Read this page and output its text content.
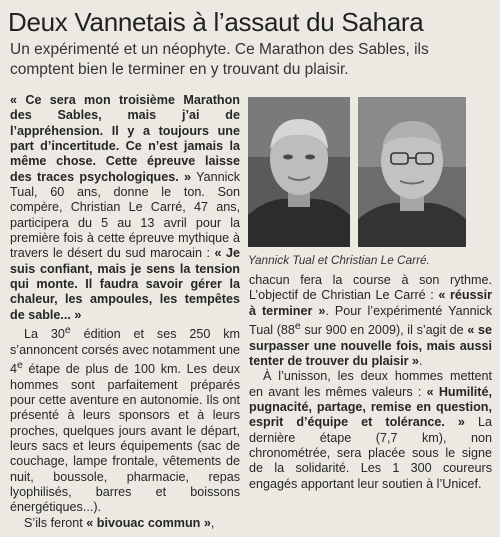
Deux Vannetais à l’assaut du Sahara

Un expérimenté et un néophyte. Ce Marathon des Sables, ils comptent bien le terminer en y trouvant du plaisir.

« Ce sera mon troisième Marathon des Sables, mais j’ai de l’appréhension. Il y a toujours une part d’incertitude. Ce n’est jamais la même chose. Cette épreuve laisse des traces psychologiques. » Yannick Tual, 60 ans, donne le ton. Son compère, Christian Le Carré, 47 ans, participera du 5 au 13 avril pour la première fois à cette épreuve mythique à travers le désert du sud marocain : « Je suis confiant, mais je sens la tension qui monte. Il faudra savoir gérer la chaleur, les ampoules, les tempêtes de sable... »

La 30e édition et ses 250 km s’annoncent corsés avec notamment une 4e étape de plus de 100 km. Les deux hommes sont parfaitement préparés pour cette aventure en autonomie. Ils ont présenté à leurs sponsors et à leurs proches, quelques jours avant le départ, leurs sacs et leurs équipements (sac de couchage, lampe frontale, vêtements de nuit, boussole, pharmacie, repas lyophilisés, barres et boissons énergétiques...).

S’ils feront « bivouac commun »,

Yannick Tual et Christian Le Carré.

chacun fera la course à son rythme. L’objectif de Christian Le Carré : « réussir à terminer ». Pour l’expérimenté Yannick Tual (88e sur 900 en 2009), il s’agit de « se surpasser une nouvelle fois, mais aussi tenter de trouver du plaisir ».

À l’unisson, les deux hommes mettent en avant les mêmes valeurs : « Humilité, pugnacité, partage, remise en question, esprit d’équipe et tolérance. » La dernière étape (7,7 km), non chronométrée, sera placée sous le signe de la solidarité. Les 1 300 coureurs engagés apportant leur soutien à l’Unicef.
